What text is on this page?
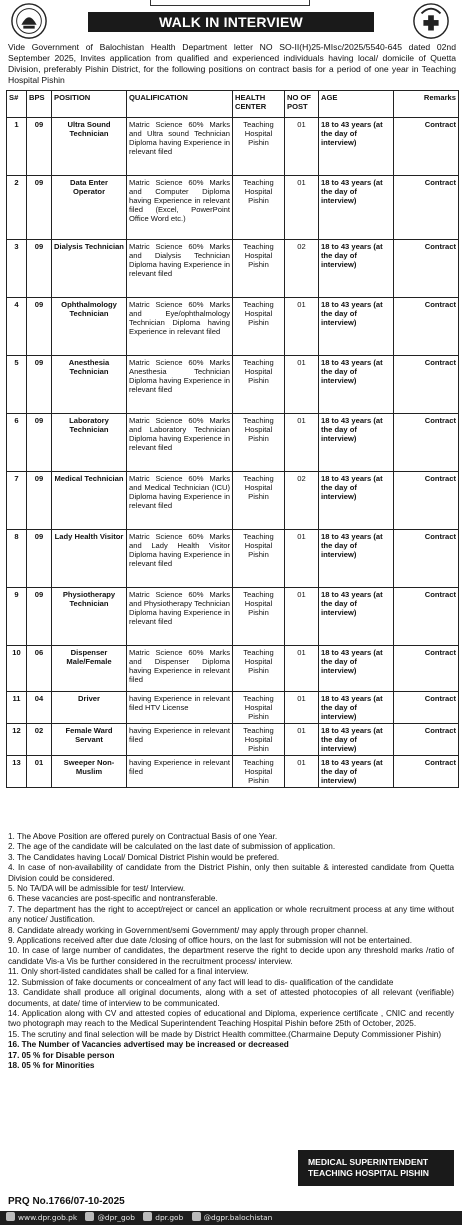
WALK IN INTERVIEW
Vide Government of Balochistan Health Department letter NO SO-II(H)25-MIsc/2025/5540-645 dated 02nd September 2025, Invites application from qualified and experienced individuals having local/ domicile of Quetta Division, preferably Pishin District, for the following positions on contract basis for a period of one year in Teaching Hospital Pishin
S#	BPS	POSITION	QUALIFICATION	HEALTH CENTER	NO OF POST	AGE	Remarks
1	09	Ultra Sound Technician	Matric Science 60% Marks and Ultra sound Technician Diploma having Experience in relevant filed	Teaching Hospital Pishin	01	18 to 43 years (at the day of interview)	Contract
2	09	Data Enter Operator	Matric Science 60% Marks and Computer Diploma having Experience in relevant filed (Excel, PowerPoint Office Word etc.)	Teaching Hospital Pishin	01	18 to 43 years (at the day of interview)	Contract
3	09	Dialysis Technician	Matric Science 60% Marks and Dialysis Technician Diploma having Experience in relevant filed	Teaching Hospital Pishin	02	18 to 43 years (at the day of interview)	Contract
4	09	Ophthalmology Technician	Matric Science 60% Marks and Eye/ophthalmology Technician Diploma having Experience in relevant filed	Teaching Hospital Pishin	01	18 to 43 years (at the day of interview)	Contract
5	09	Anesthesia Technician	Matric Science 60% Marks Anesthesia Technician Diploma having Experience in relevant filed	Teaching Hospital Pishin	01	18 to 43 years (at the day of interview)	Contract
6	09	Laboratory Technician	Matric Science 60% Marks and Laboratory Technician Diploma having Experience in relevant filed	Teaching Hospital Pishin	01	18 to 43 years (at the day of interview)	Contract
7	09	Medical Technician	Matric Science 60% Marks and Medical Technician (ICU) Diploma having Experience in relevant filed	Teaching Hospital Pishin	02	18 to 43 years (at the day of interview)	Contract
8	09	Lady Health Visitor	Matric Science 60% Marks and Lady Health Visitor Diploma having Experience in relevant filed	Teaching Hospital Pishin	01	18 to 43 years (at the day of interview)	Contract
9	09	Physiotherapy Technician	Matric Science 60% Marks and Physiotherapy Technician Diploma having Experience in relevant filed	Teaching Hospital Pishin	01	18 to 43 years (at the day of interview)	Contract
10	06	Dispenser Male/Female	Matric Science 60% Marks and Dispenser Diploma having Experience in relevant filed	Teaching Hospital Pishin	01	18 to 43 years (at the day of interview)	Contract
11	04	Driver	having Experience in relevant filed HTV License	Teaching Hospital Pishin	01	18 to 43 years (at the day of interview)	Contract
12	02	Female Ward Servant	having Experience in relevant filed	Teaching Hospital Pishin	01	18 to 43 years (at the day of interview)	Contract
13	01	Sweeper Non-Muslim	having Experience in relevant filed	Teaching Hospital Pishin	01	18 to 43 years (at the day of interview)	Contract

1. The Above Position are offered purely on Contractual Basis of one Year.

2. The age of the candidate will be calculated on the last date of submission of application.

3. The Candidates having Local/ Domical District Pishin would be prefered.

4. In case of non-availability of candidate from the District Pishin, only then suitable & interested candidate from Quetta Division could be considered.

5. No TA/DA will be admissible for test/ Interview.

6. These vacancies are post-specific and nontransferable.

7. The department has the right to accept/reject or cancel an application or whole recruitment process at any time without any notice/ Justification.

8. Candidate already working in Government/semi Government/ may apply through proper channel.

9. Applications received after due date /closing of office hours, on the last for submission will not be entertained.

10. In case of large number of candidates, the department reserve the right to decide upon any threshold marks /ratio of candidate Vis-a Vis be further considered in the recruitment process/ interview.

11. Only short-listed candidates shall be called for a final interview.

12. Submission of fake documents or concealment of any fact will lead to dis- qualification of the candidate

13. Candidate shall produce all original documents, along with a set of attested photocopies of all relevant (verifiable) documents, at date/ time of interview to be communicated.

14. Application along with CV and attested copies of educational and Diploma, experience certificate , CNIC and recently two photograph may reach to the Medical Superintendent Teaching Hospital Pishin before 25th of October, 2025.

15. The scrutiny and final selection will be made by District Health committee.(Charmaine Deputy Commissioner Pishin)

16. The Number of Vacancies advertised may be increased or decreased

17. 05 % for Disable person

18. 05 % for Minorities

MEDICAL SUPERINTENDENT
TEACHING HOSPITAL PISHIN
PRQ No.1766/07-10-2025
www.dpr.gob.pk	@dpr_gob	dpr.gob	@dgpr.balochistan
